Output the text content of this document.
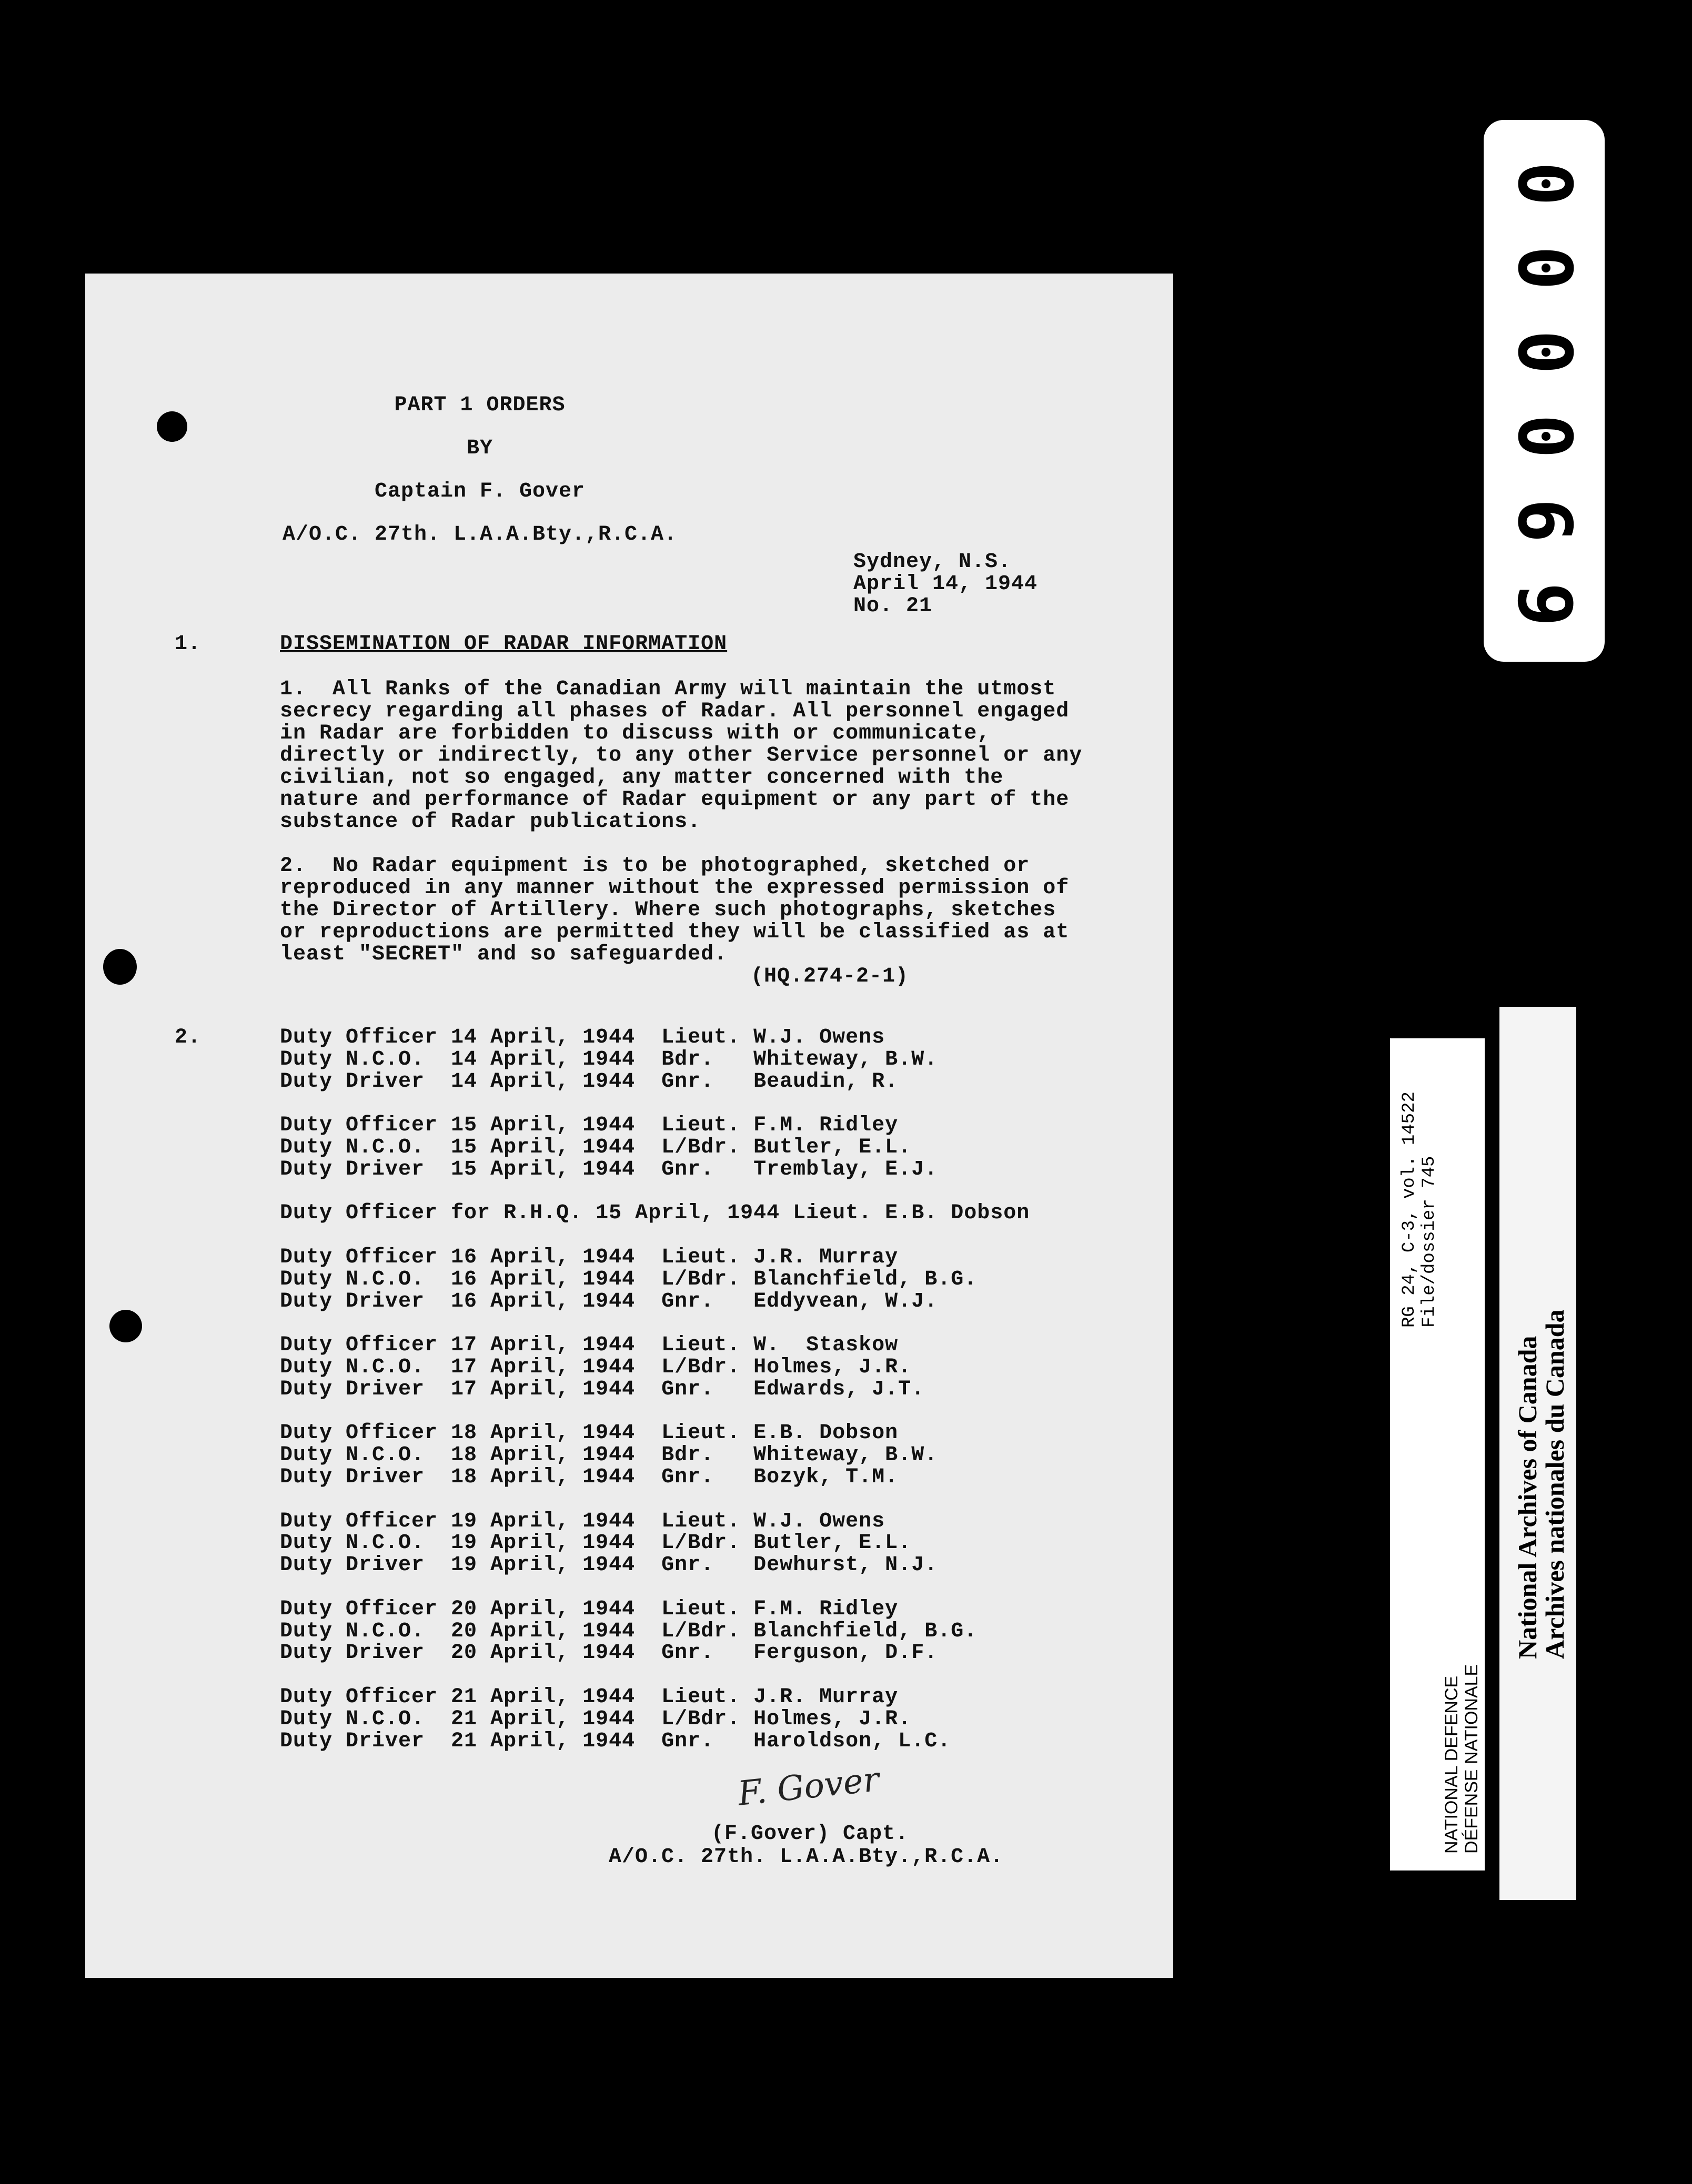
PART 1 ORDERS
BY
Captain F. Gover
A/O.C. 27th. L.A.A.Bty.,R.C.A.
Sydney, N.S.
April 14, 1944
No. 21
1.	DISSEMINATION OF RADAR INFORMATION
1.  All Ranks of the Canadian Army will maintain the utmost
secrecy regarding all phases of Radar. All personnel engaged
in Radar are forbidden to discuss with or communicate,
directly or indirectly, to any other Service personnel or any
civilian, not so engaged, any matter concerned with the
nature and performance of Radar equipment or any part of the
substance of Radar publications.
2.  No Radar equipment is to be photographed, sketched or
reproduced in any manner without the expressed permission of
the Director of Artillery. Where such photographs, sketches
or reproductions are permitted they will be classified as at
least "SECRET" and so safeguarded.
(HQ.274-2-1)
2.	Duty Officer 14 April, 1944  Lieut. W.J. Owens
Duty N.C.O.  14 April, 1944  Bdr.   Whiteway, B.W.
Duty Driver  14 April, 1944  Gnr.   Beaudin, R.
Duty Officer 15 April, 1944  Lieut. F.M. Ridley
Duty N.C.O.  15 April, 1944  L/Bdr. Butler, E.L.
Duty Driver  15 April, 1944  Gnr.   Tremblay, E.J.
Duty Officer for R.H.Q. 15 April, 1944 Lieut. E.B. Dobson
Duty Officer 16 April, 1944  Lieut. J.R. Murray
Duty N.C.O.  16 April, 1944  L/Bdr. Blanchfield, B.G.
Duty Driver  16 April, 1944  Gnr.   Eddyvean, W.J.
Duty Officer 17 April, 1944  Lieut. W.  Staskow
Duty N.C.O.  17 April, 1944  L/Bdr. Holmes, J.R.
Duty Driver  17 April, 1944  Gnr.   Edwards, J.T.
Duty Officer 18 April, 1944  Lieut. E.B. Dobson
Duty N.C.O.  18 April, 1944  Bdr.   Whiteway, B.W.
Duty Driver  18 April, 1944  Gnr.   Bozyk, T.M.
Duty Officer 19 April, 1944  Lieut. W.J. Owens
Duty N.C.O.  19 April, 1944  L/Bdr. Butler, E.L.
Duty Driver  19 April, 1944  Gnr.   Dewhurst, N.J.
Duty Officer 20 April, 1944  Lieut. F.M. Ridley
Duty N.C.O.  20 April, 1944  L/Bdr. Blanchfield, B.G.
Duty Driver  20 April, 1944  Gnr.   Ferguson, D.F.
Duty Officer 21 April, 1944  Lieut. J.R. Murray
Duty N.C.O.  21 April, 1944  L/Bdr. Holmes, J.R.
Duty Driver  21 April, 1944  Gnr.   Haroldson, L.C.
F. Gover
(F.Gover) Capt.
A/O.C. 27th. L.A.A.Bty.,R.C.A.
0
0
0
0
6
9
RG 24, C-3, vol. 14522 File/dossier 745
NATIONAL DEFENCE DÉFENSE NATIONALE
National Archives of Canada
Archives nationales du Canada
